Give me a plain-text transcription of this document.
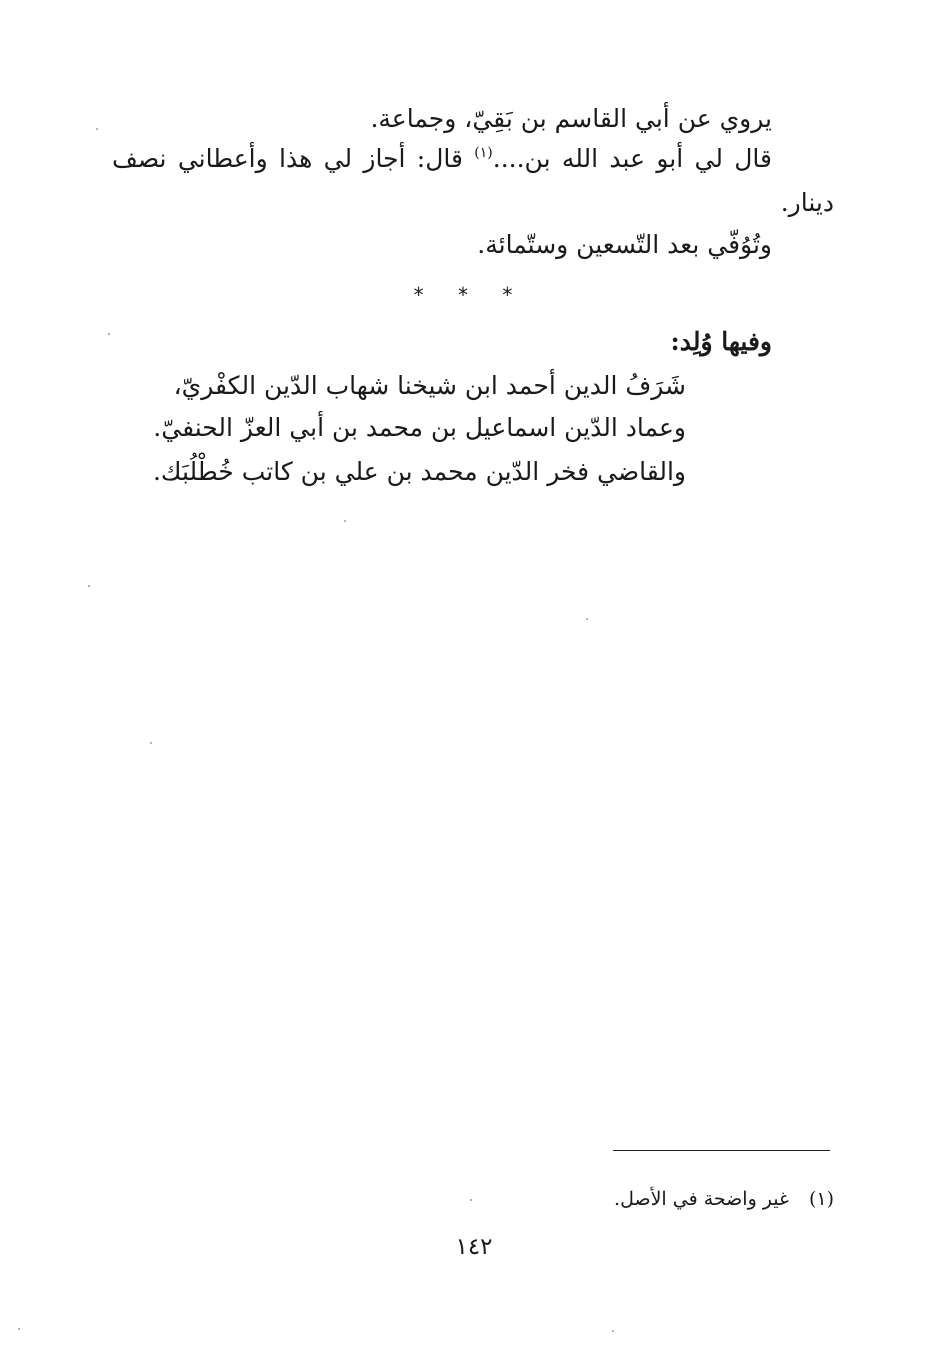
يروي عن أبي القاسم بن بَقِيّ، وجماعة.
قال لي أبو عبد الله بن....$^{(١)}$ قال: أجاز لي هذا وأعطاني نصف
دينار.
وتُوُفّي بعد التّسعين وستّمائة.
* * *
وفيها وُلِد:
شَرَفُ الدين أحمد ابن شيخنا شهاب الدّين الكفْريّ،
وعماد الدّين اسماعيل بن محمد بن أبي العزّ الحنفيّ.
والقاضي فخر الدّين محمد بن علي بن كاتب خُطْلُبَك.
(١)غير واضحة في الأصل.
١٤٢
